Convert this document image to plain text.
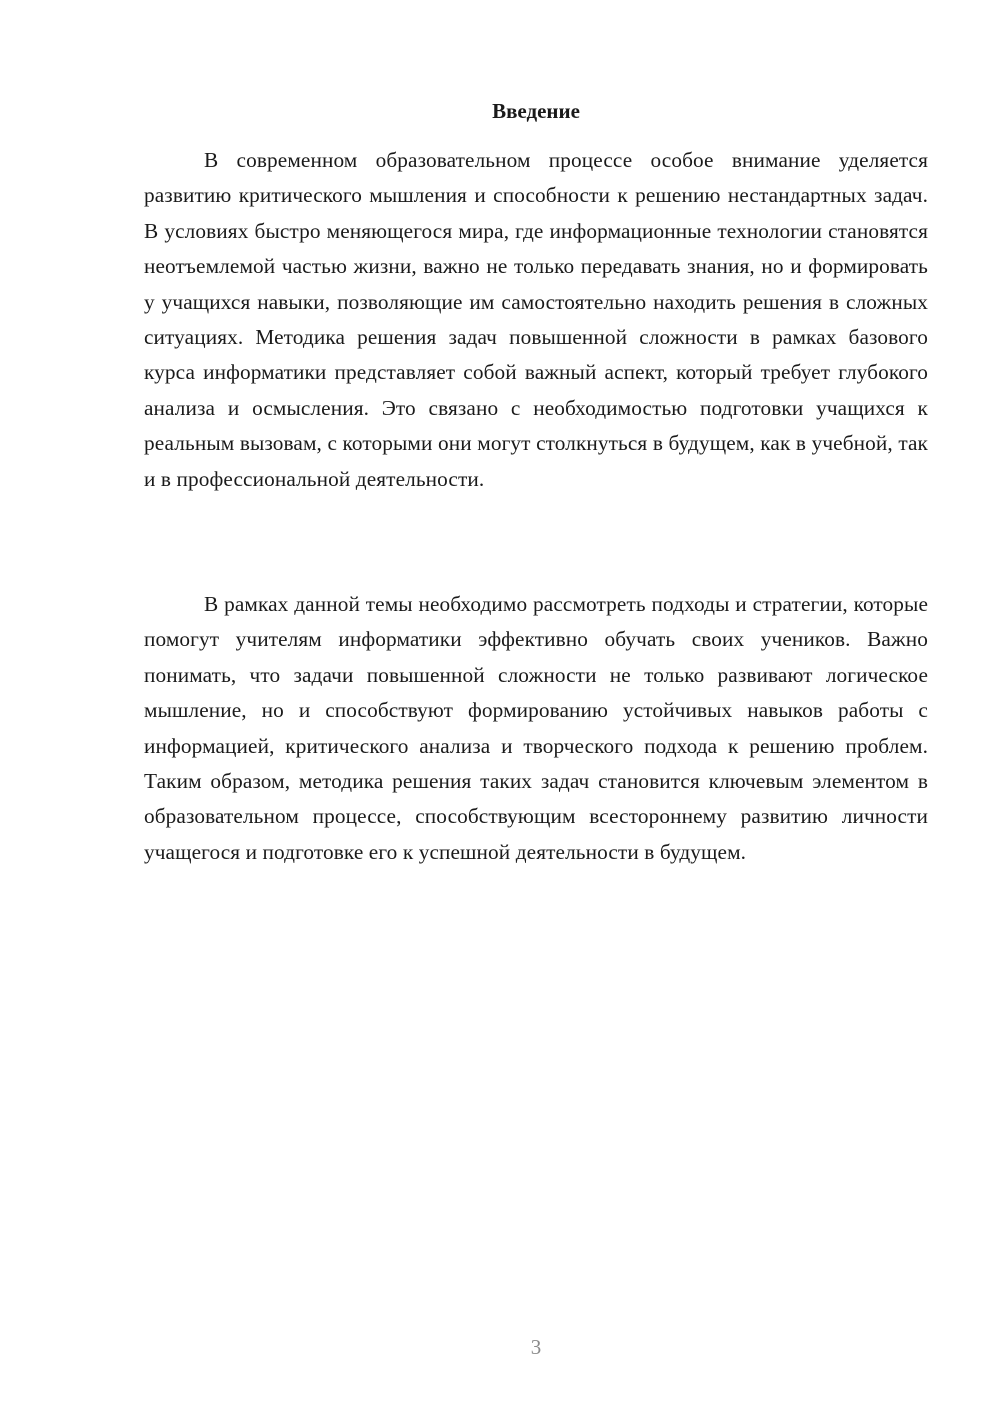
Введение

В современном образовательном процессе особое внимание уделяется развитию критического мышления и способности к решению нестандартных задач. В условиях быстро меняющегося мира, где информационные технологии становятся неотъемлемой частью жизни, важно не только передавать знания, но и формировать у учащихся навыки, позволяющие им самостоятельно находить решения в сложных ситуациях. Методика решения задач повышенной сложности в рамках базового курса информатики представляет собой важный аспект, который требует глубокого анализа и осмысления. Это связано с необходимостью подготовки учащихся к реальным вызовам, с которыми они могут столкнуться в будущем, как в учебной, так и в профессиональной деятельности.

В рамках данной темы необходимо рассмотреть подходы и стратегии, которые помогут учителям информатики эффективно обучать своих учеников. Важно понимать, что задачи повышенной сложности не только развивают логическое мышление, но и способствуют формированию устойчивых навыков работы с информацией, критического анализа и творческого подхода к решению проблем. Таким образом, методика решения таких задач становится ключевым элементом в образовательном процессе, способствующим всестороннему развитию личности учащегося и подготовке его к успешной деятельности в будущем.

3
